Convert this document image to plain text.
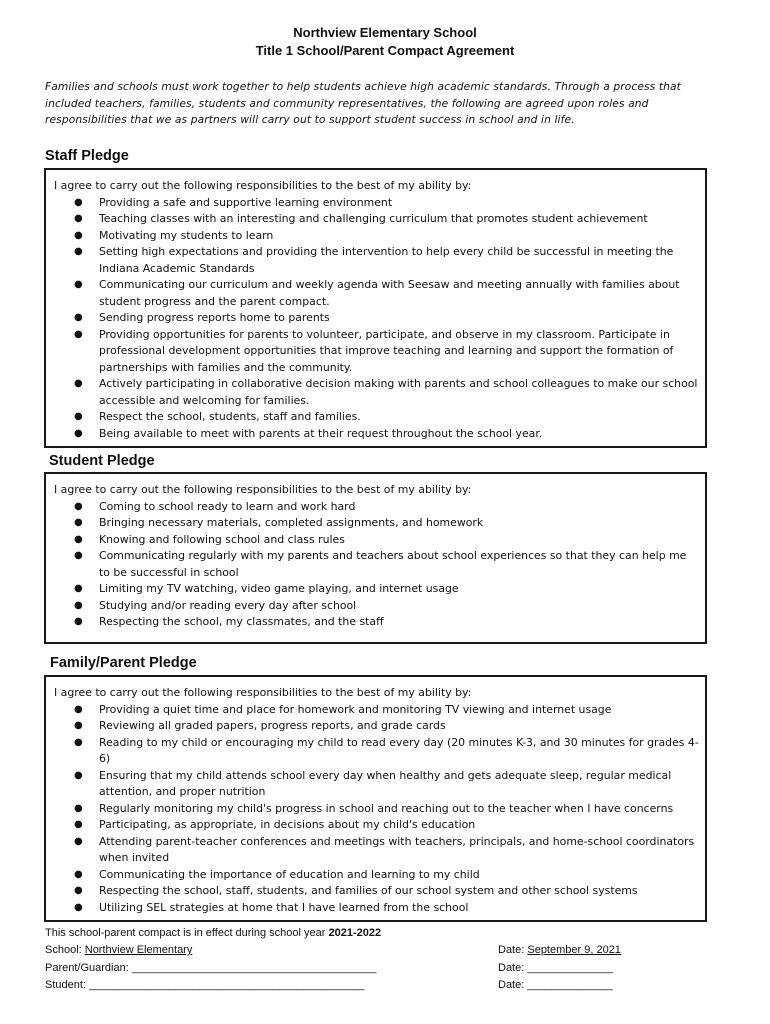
Northview Elementary School
Title 1 School/Parent Compact Agreement
Families and schools must work together to help students achieve high academic standards. Through a process that included teachers, families, students and community representatives, the following are agreed upon roles and responsibilities that we as partners will carry out to support student success in school and in life.
Staff Pledge
I agree to carry out the following responsibilities to the best of my ability by:
● Providing a safe and supportive learning environment
● Teaching classes with an interesting and challenging curriculum that promotes student achievement
● Motivating my students to learn
● Setting high expectations and providing the intervention to help every child be successful in meeting the Indiana Academic Standards
● Communicating our curriculum and weekly agenda with Seesaw and meeting annually with families about student progress and the parent compact.
● Sending progress reports home to parents
● Providing opportunities for parents to volunteer, participate, and observe in my classroom. Participate in professional development opportunities that improve teaching and learning and support the formation of partnerships with families and the community.
● Actively participating in collaborative decision making with parents and school colleagues to make our school accessible and welcoming for families.
● Respect the school, students, staff and families.
● Being available to meet with parents at their request throughout the school year.
Student Pledge
I agree to carry out the following responsibilities to the best of my ability by:
● Coming to school ready to learn and work hard
● Bringing necessary materials, completed assignments, and homework
● Knowing and following school and class rules
● Communicating regularly with my parents and teachers about school experiences so that they can help me to be successful in school
● Limiting my TV watching, video game playing, and internet usage
● Studying and/or reading every day after school
● Respecting the school, my classmates, and the staff
Family/Parent Pledge
I agree to carry out the following responsibilities to the best of my ability by:
● Providing a quiet time and place for homework and monitoring TV viewing and internet usage
● Reviewing all graded papers, progress reports, and grade cards
● Reading to my child or encouraging my child to read every day (20 minutes K-3, and 30 minutes for grades 4-6)
● Ensuring that my child attends school every day when healthy and gets adequate sleep, regular medical attention, and proper nutrition
● Regularly monitoring my child's progress in school and reaching out to the teacher when I have concerns
● Participating, as appropriate, in decisions about my child's education
● Attending parent-teacher conferences and meetings with teachers, principals, and home-school coordinators when invited
● Communicating the importance of education and learning to my child
● Respecting the school, staff, students, and families of our school system and other school systems
● Utilizing SEL strategies at home that I have learned from the school
This school-parent compact is in effect during school year 2021-2022
School: Northview Elementary	Date: September 9, 2021
Parent/Guardian: ________________________________________	Date: ______________
Student: _____________________________________________	Date: ______________
